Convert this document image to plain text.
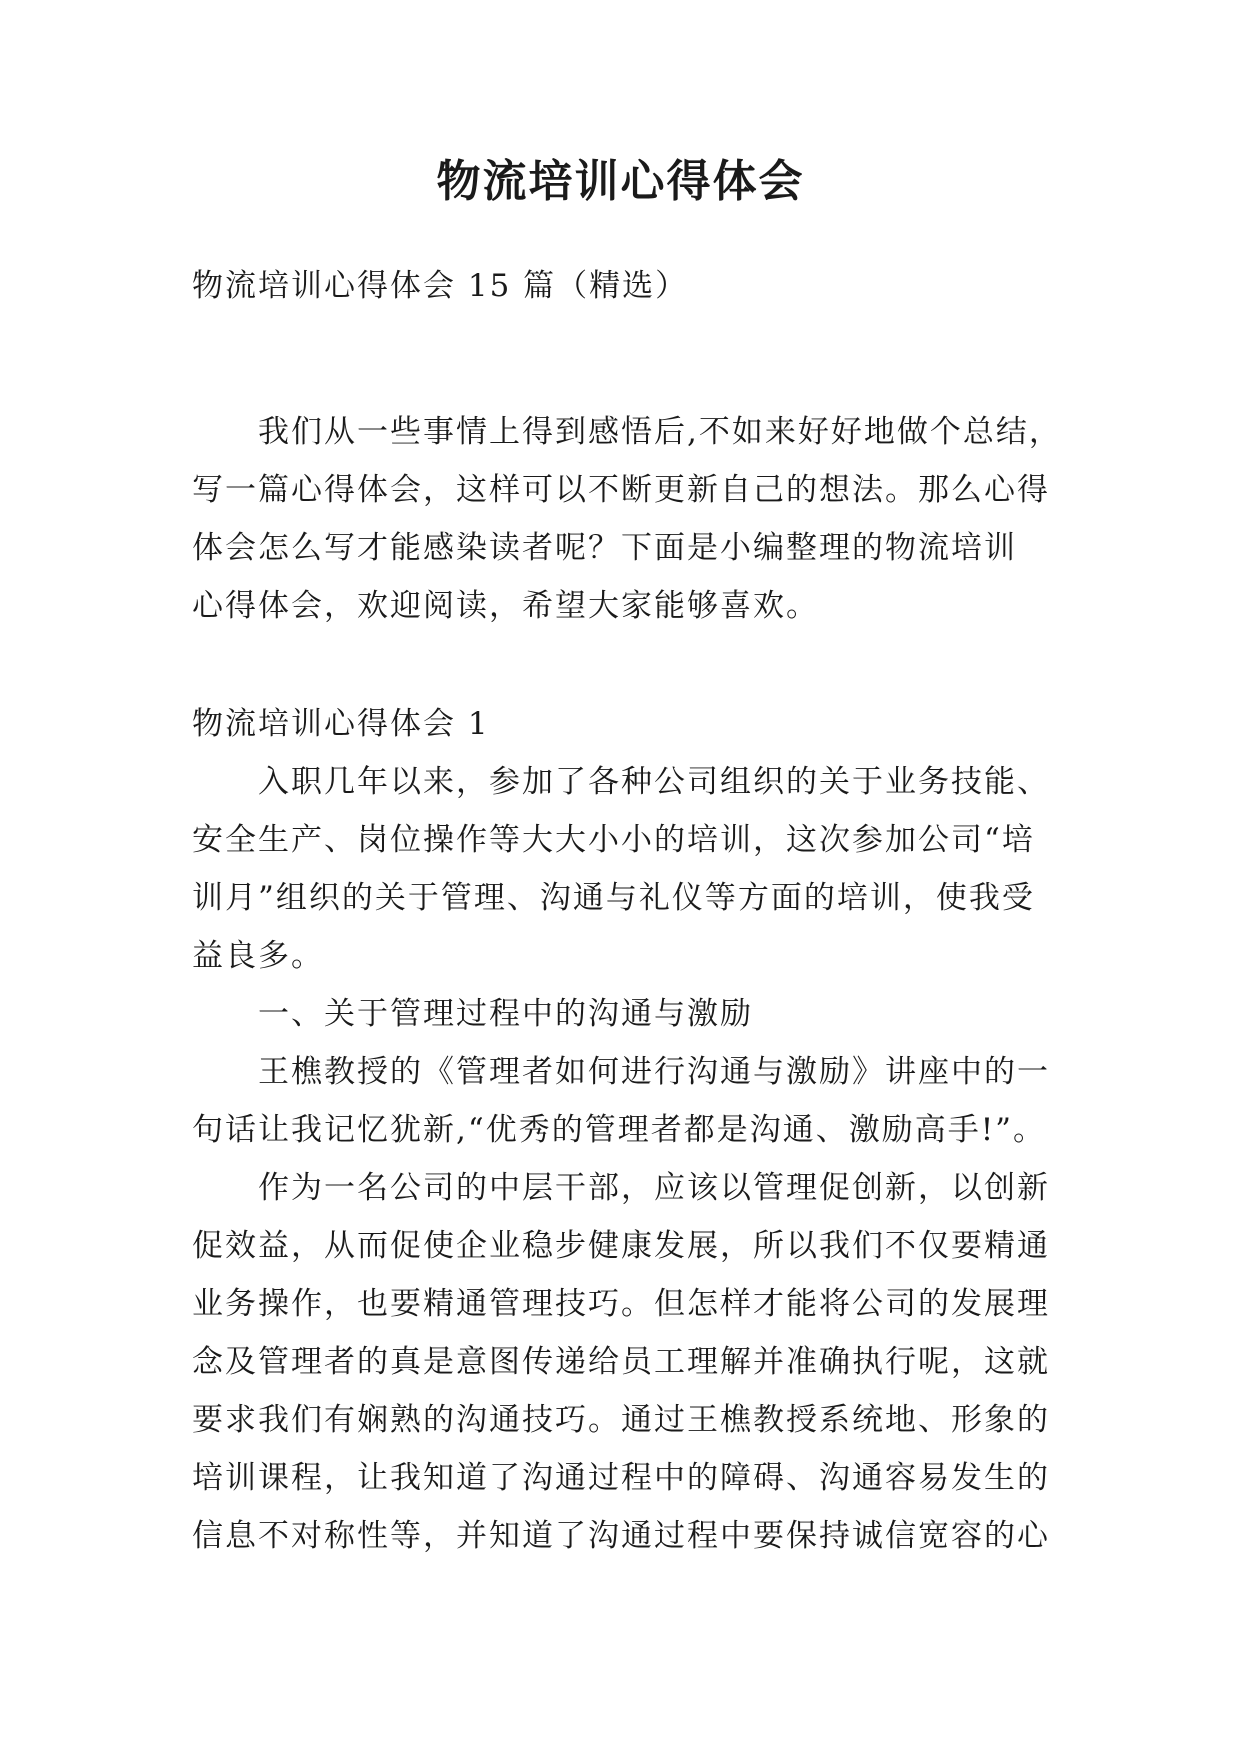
物流培训心得体会
物流培训心得体会 15 篇（精选）
我们从一些事情上得到感悟后,不如来好好地做个总结，
写一篇心得体会，这样可以不断更新自己的想法。那么心得
体会怎么写才能感染读者呢？下面是小编整理的物流培训
心得体会，欢迎阅读，希望大家能够喜欢。
物流培训心得体会 1
入职几年以来，参加了各种公司组织的关于业务技能、
安全生产、岗位操作等大大小小的培训，这次参加公司“培
训月”组织的关于管理、沟通与礼仪等方面的培训，使我受
益良多。
一、关于管理过程中的沟通与激励
王樵教授的《管理者如何进行沟通与激励》讲座中的一
句话让我记忆犹新,“优秀的管理者都是沟通、激励高手!”。
作为一名公司的中层干部，应该以管理促创新，以创新
促效益，从而促使企业稳步健康发展，所以我们不仅要精通
业务操作，也要精通管理技巧。但怎样才能将公司的发展理
念及管理者的真是意图传递给员工理解并准确执行呢，这就
要求我们有娴熟的沟通技巧。通过王樵教授系统地、形象的
培训课程，让我知道了沟通过程中的障碍、沟通容易发生的
信息不对称性等，并知道了沟通过程中要保持诚信宽容的心
